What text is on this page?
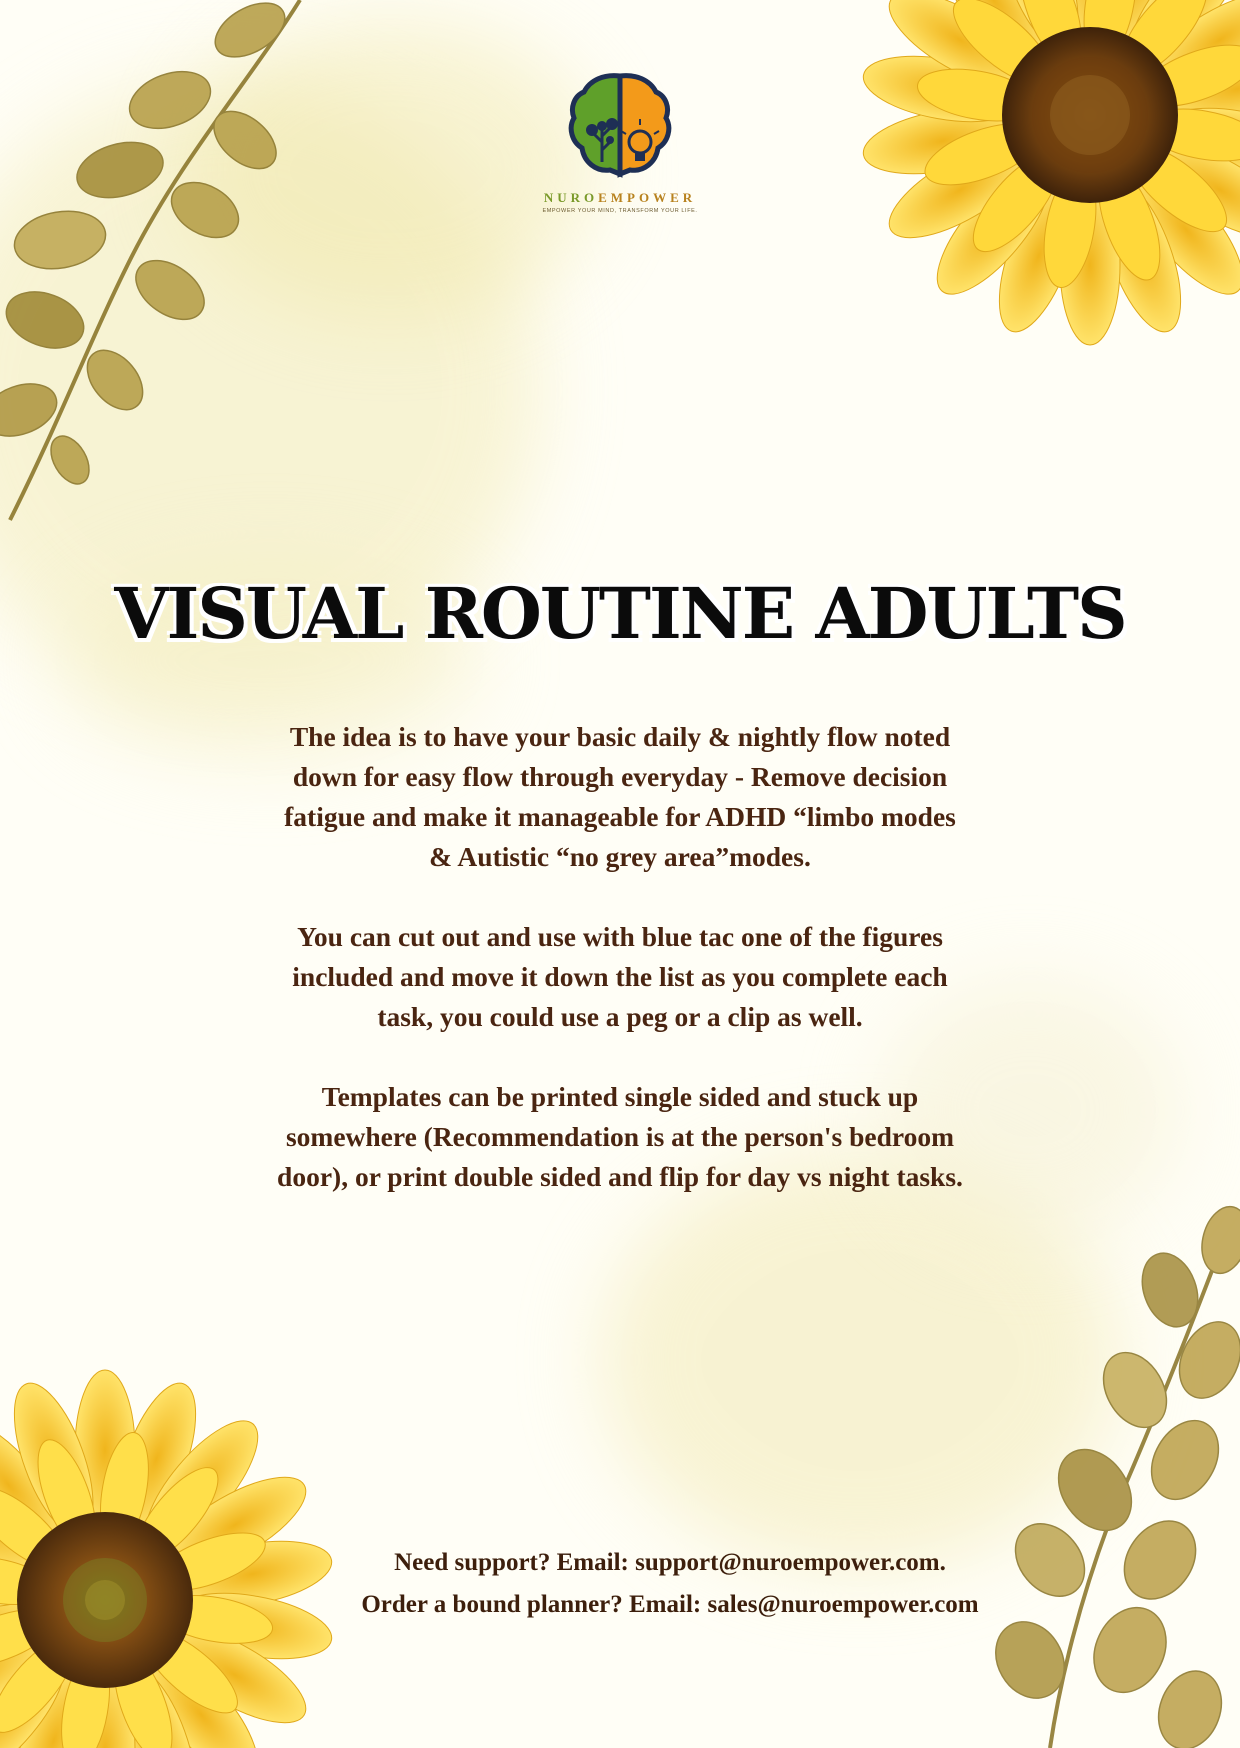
NUROEMPOWER
EMPOWER YOUR MIND, TRANSFORM YOUR LIFE.
VISUAL ROUTINE ADULTS

The idea is to have your basic daily & nightly flow noted
down for easy flow through everyday - Remove decision
fatigue and make it manageable for ADHD “limbo modes
& Autistic “no grey area”modes.

You can cut out and use with blue tac one of the figures
included and move it down the list as you complete each
task, you could use a peg or a clip as well.

Templates can be printed single sided and stuck up
somewhere (Recommendation is at the person's bedroom
door), or print double sided and flip for day vs night tasks.

Need support? Email: support@nuroempower.com.
Order a bound planner? Email: sales@nuroempower.com
